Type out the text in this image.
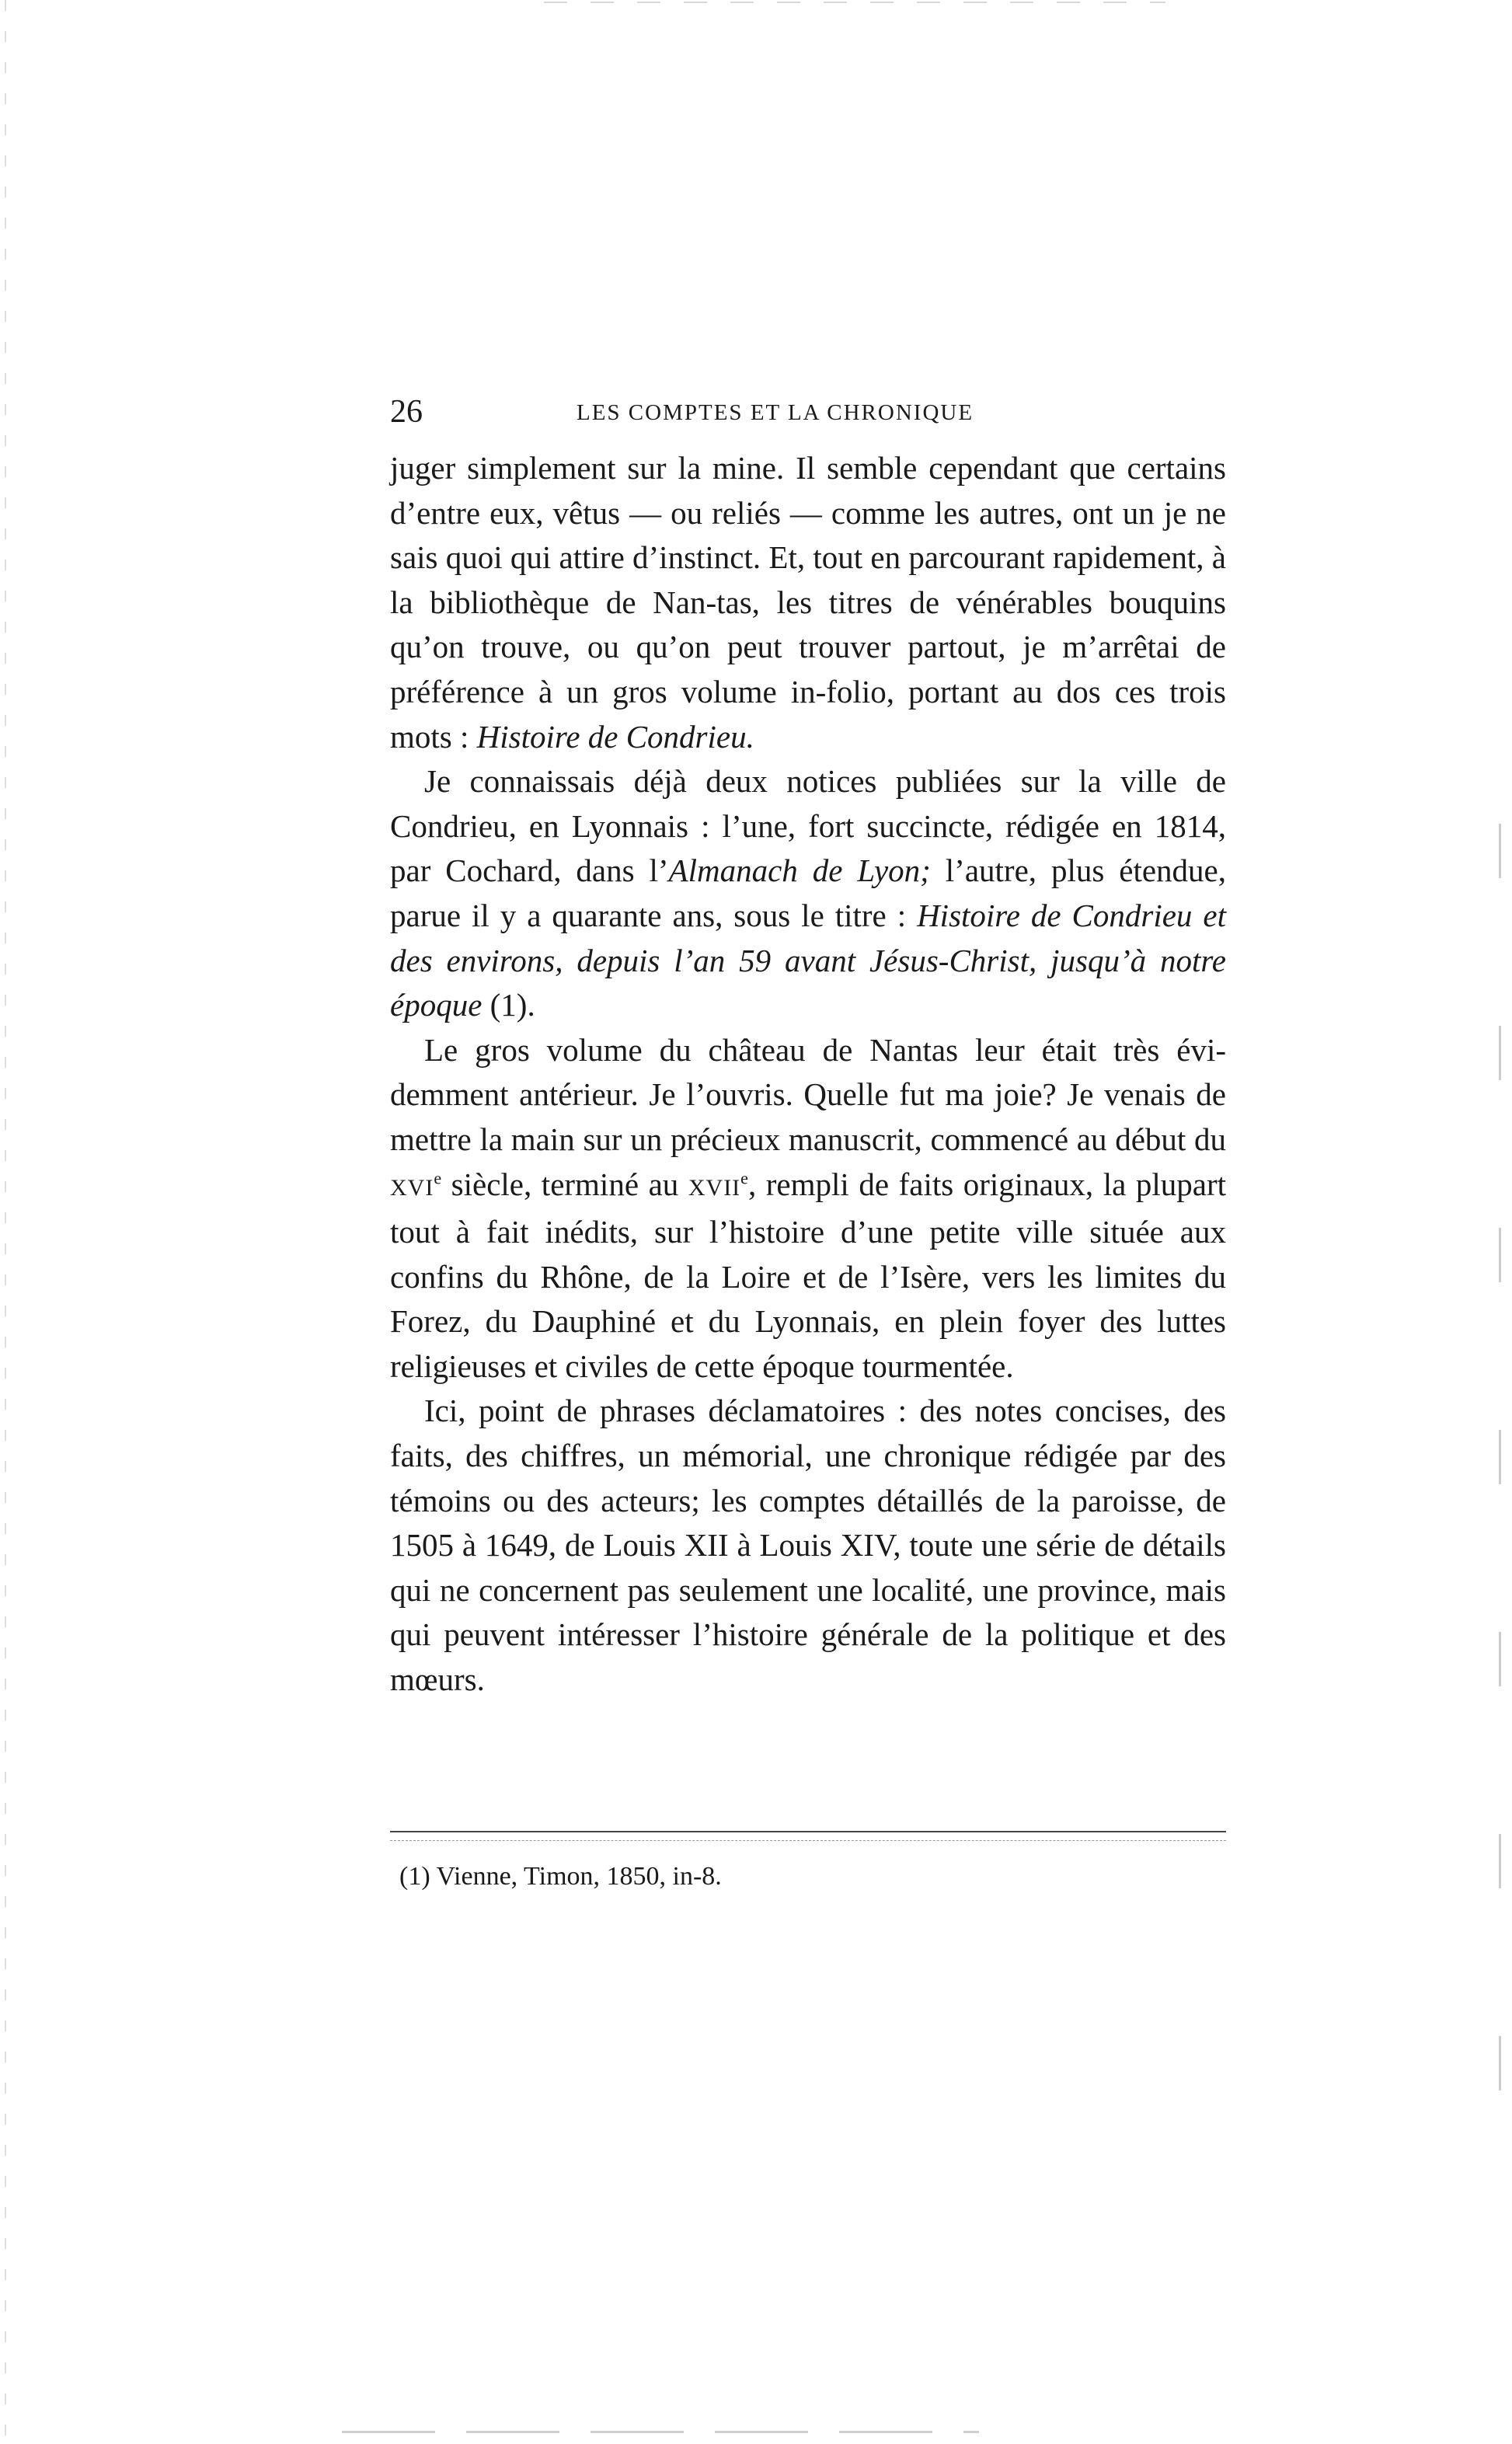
26	LES COMPTES ET LA CHRONIQUE

juger simplement sur la mine. Il semble cependant que certains d’entre eux, vêtus — ou reliés — comme les autres, ont un je ne sais quoi qui attire d’instinct. Et, tout en parcourant rapidement, à la bibliothèque de Nan-tas, les titres de vénérables bouquins qu’on trouve, ou qu’on peut trouver partout, je m’arrêtai de préférence à un gros volume in-folio, portant au dos ces trois mots : Histoire de Condrieu.

Je connaissais déjà deux notices publiées sur la ville de Condrieu, en Lyonnais : l’une, fort succincte, rédigée en 1814, par Cochard, dans l’Almanach de Lyon; l’autre, plus étendue, parue il y a quarante ans, sous le titre : Histoire de Condrieu et des environs, depuis l’an 59 avant Jésus-Christ, jusqu’à notre époque (1).

Le gros volume du château de Nantas leur était très évi-demment antérieur. Je l’ouvris. Quelle fut ma joie? Je venais de mettre la main sur un précieux manuscrit, commencé au début du XVIe siècle, terminé au XVIIe, rempli de faits originaux, la plupart tout à fait inédits, sur l’histoire d’une petite ville située aux confins du Rhône, de la Loire et de l’Isère, vers les limites du Forez, du Dauphiné et du Lyonnais, en plein foyer des luttes religieuses et civiles de cette époque tourmentée.

Ici, point de phrases déclamatoires : des notes concises, des faits, des chiffres, un mémorial, une chronique rédigée par des témoins ou des acteurs; les comptes détaillés de la paroisse, de 1505 à 1649, de Louis XII à Louis XIV, toute une série de détails qui ne concernent pas seulement une localité, une province, mais qui peuvent intéresser l’histoire générale de la politique et des mœurs.

(1) Vienne, Timon, 1850, in-8.
